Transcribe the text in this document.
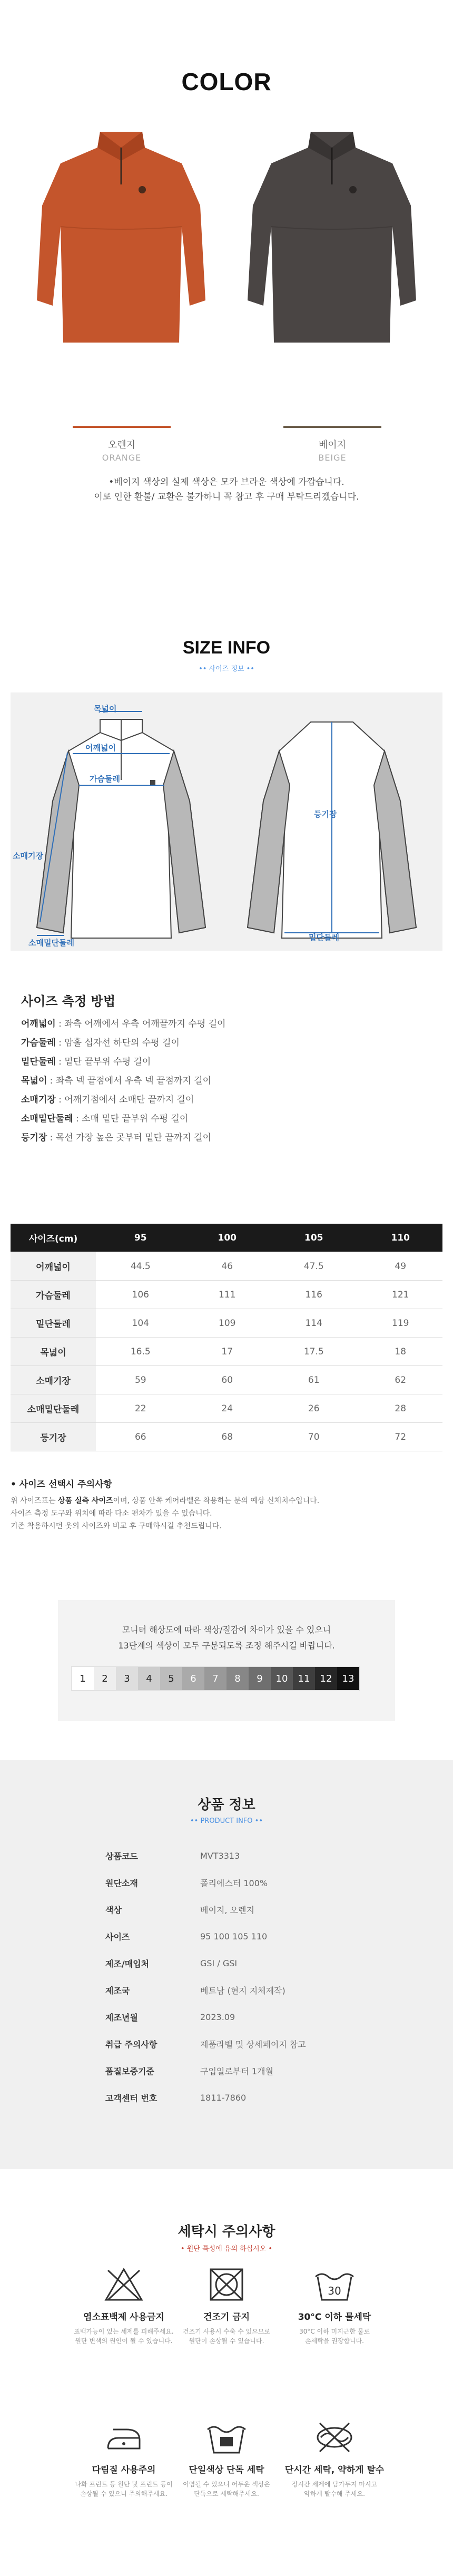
COLOR
오렌지
ORANGE
베이지
BEIGE
•베이지 색상의 실제 색상은 모카 브라운 색상에 가깝습니다.
이로 인한 환불/ 교환은 불가하니 꼭 참고 후 구매 부탁드리겠습니다.
SIZE INFO
•• 사이즈 정보 ••
목넓이
어깨넓이
가슴둘레
소매기장
소매밑단둘레
등기장
밑단둘레
사이즈 측정 방법
어깨넓이 : 좌측 어깨에서 우측 어깨끝까지 수평 길이
가슴둘레 : 암홀 십자선 하단의 수평 길이
밑단둘레 : 밑단 끝부위 수평 길이
목넓이 : 좌측 넥 끝점에서 우측 넥 끝점까지 길이
소매기장 : 어깨기점에서 소매단 끝까지 길이
소매밑단둘레 : 소매 밑단 끝부위 수평 길이
등기장 : 목선 가장 높은 곳부터 밑단 끝까지 길이
사이즈(cm)	95	100	105	110
어깨넓이	44.5	46	47.5	49
가슴둘레	106	111	116	121
밑단둘레	104	109	114	119
목넓이	16.5	17	17.5	18
소매기장	59	60	61	62
소매밑단둘레	22	24	26	28
등기장	66	68	70	72
• 사이즈 선택시 주의사항
위 사이즈표는 상품 실측 사이즈이며, 상품 안쪽 케어라벨은 착용하는 분의 예상 신체치수입니다.
사이즈 측정 도구와 위치에 따라 다소 편차가 있을 수 있습니다.
기존 착용하시던 옷의 사이즈와 비교 후 구매하시길 추천드립니다.
모니터 해상도에 따라 색상/질감에 차이가 있을 수 있으니
13단계의 색상이 모두 구분되도록 조정 해주시길 바랍니다.
1	2	3	4	5	6	7	8	9	10	11	12	13
상품 정보
•• PRODUCT INFO ••
상품코드	MVT3313
원단소재	폴리에스터 100%
색상	베이지, 오렌지
사이즈	95 100 105 110
제조/매입처	GSI / GSI
제조국	베트남 (현지 지체제작)
제조년월	2023.09
취급 주의사항	제품라벨 및 상세페이지 참고
품질보증기준	구입일로부터 1개월
고객센터 번호	1811-7860
세탁시 주의사항
• 원단 특성에 유의 하십시오 •
염소표백제 사용금지
표백가능이 있는 세제를 피해주세요.
원단 변색의 원인이 될 수 있습니다.
건조기 금지
건조기 사용시 수축 수 있으므로
원단이 손상될 수 있습니다.
30
30°C 이하 물세탁
30°C 이하 미지근한 물로
손세탁을 권장합니다.
다림질 사용주의
나화 프린트 등 원단 및 프린트 등이
손상될 수 있으니 주의해주세요.
단일색상 단독 세탁
이염될 수 있으니 어두운 색상은
단독으로 세탁해주세요.
단시간 세탁, 약하게 탈수
장시간 세제에 담가두지 마시고
약하게 탈수해 주세요.
